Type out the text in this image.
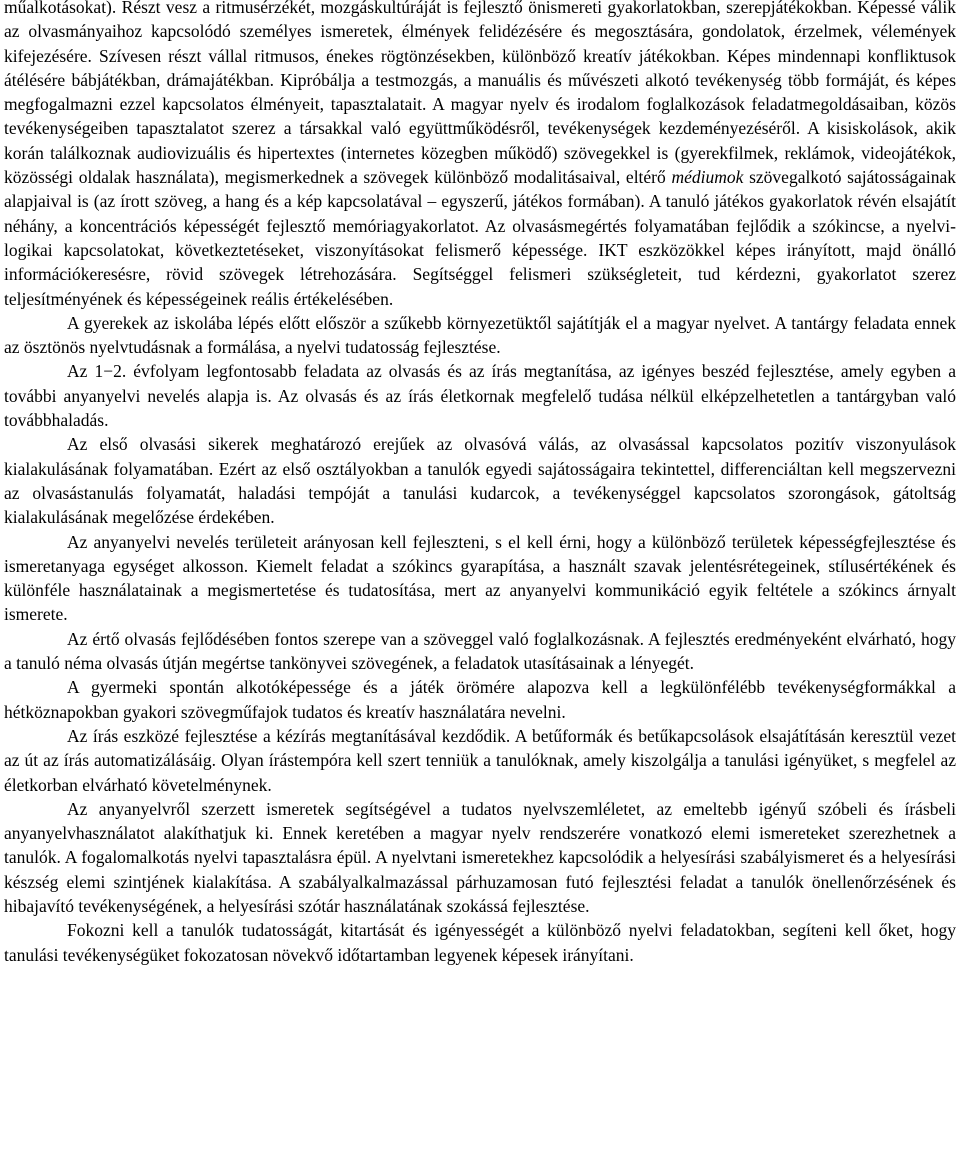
műalkotásokat). Részt vesz a ritmusérzékét, mozgáskultúráját is fejlesztő önismereti gyakorlatokban, szerepjátékokban. Képessé válik az olvasmányaihoz kapcsolódó személyes ismeretek, élmények felidézésére és megosztására, gondolatok, érzelmek, vélemények kifejezésére. Szívesen részt vállal ritmusos, énekes rögtönzésekben, különböző kreatív játékokban. Képes mindennapi konfliktusok átélésére bábjátékban, drámajátékban. Kipróbálja a testmozgás, a manuális és művészeti alkotó tevékenység több formáját, és képes megfogalmazni ezzel kapcsolatos élményeit, tapasztalatait. A magyar nyelv és irodalom foglalkozások feladatmegoldásaiban, közös tevékenységeiben tapasztalatot szerez a társakkal való együttműködésről, tevékenységek kezdeményezéséről. A kisiskolások, akik korán találkoznak audiovizuális és hipertextes (internetes közegben működő) szövegekkel is (gyerekfilmek, reklámok, videojátékok, közösségi oldalak használata), megismerkednek a szövegek különböző modalitásaival, eltérő médiumok szövegalkotó sajátosságainak alapjaival is (az írott szöveg, a hang és a kép kapcsolatával – egyszerű, játékos formában). A tanuló játékos gyakorlatok révén elsajátít néhány, a koncentrációs képességét fejlesztő memóriagyakorlatot. Az olvasásmegértés folyamatában fejlődik a szókincse, a nyelvi-logikai kapcsolatokat, következtetéseket, viszonyításokat felismerő képessége. IKT eszközökkel képes irányított, majd önálló információkeresésre, rövid szövegek létrehozására. Segítséggel felismeri szükségleteit, tud kérdezni, gyakorlatot szerez teljesítményének és képességeinek reális értékelésében.

A gyerekek az iskolába lépés előtt először a szűkebb környezetüktől sajátítják el a magyar nyelvet. A tantárgy feladata ennek az ösztönös nyelvtudásnak a formálása, a nyelvi tudatosság fejlesztése.

Az 1−2. évfolyam legfontosabb feladata az olvasás és az írás megtanítása, az igényes beszéd fejlesztése, amely egyben a további anyanyelvi nevelés alapja is. Az olvasás és az írás életkornak megfelelő tudása nélkül elképzelhetetlen a tantárgyban való továbbhaladás.

Az első olvasási sikerek meghatározó erejűek az olvasóvá válás, az olvasással kapcsolatos pozitív viszonyulások kialakulásának folyamatában. Ezért az első osztályokban a tanulók egyedi sajátosságaira tekintettel, differenciáltan kell megszervezni az olvasástanulás folyamatát, haladási tempóját a tanulási kudarcok, a tevékenységgel kapcsolatos szorongások, gátoltság kialakulásának megelőzése érdekében.

Az anyanyelvi nevelés területeit arányosan kell fejleszteni, s el kell érni, hogy a különböző területek képességfejlesztése és ismeretanyaga egységet alkosson. Kiemelt feladat a szókincs gyarapítása, a használt szavak jelentésrétegeinek, stílusértékének és különféle használatainak a megismertetése és tudatosítása, mert az anyanyelvi kommunikáció egyik feltétele a szókincs árnyalt ismerete.

Az értő olvasás fejlődésében fontos szerepe van a szöveggel való foglalkozásnak. A fejlesztés eredményeként elvárható, hogy a tanuló néma olvasás útján megértse tankönyvei szövegének, a feladatok utasításainak a lényegét.

A gyermeki spontán alkotóképessége és a játék örömére alapozva kell a legkülönfélébb tevékenységformákkal a hétköznapokban gyakori szövegműfajok tudatos és kreatív használatára nevelni.

Az írás eszközé fejlesztése a kézírás megtanításával kezdődik. A betűformák és betűkapcsolások elsajátításán keresztül vezet az út az írás automatizálásáig. Olyan írástempóra kell szert tenniük a tanulóknak, amely kiszolgálja a tanulási igényüket, s megfelel az életkorban elvárható követelménynek.

Az anyanyelvről szerzett ismeretek segítségével a tudatos nyelvszemléletet, az emeltebb igényű szóbeli és írásbeli anyanyelvhasználatot alakíthatjuk ki. Ennek keretében a magyar nyelv rendszerére vonatkozó elemi ismereteket szerezhetnek a tanulók. A fogalomalkotás nyelvi tapasztalásra épül. A nyelvtani ismeretekhez kapcsolódik a helyesírási szabályismeret és a helyesírási készség elemi szintjének kialakítása. A szabályalkalmazással párhuzamosan futó fejlesztési feladat a tanulók önellenőrzésének és hibajavító tevékenységének, a helyesírási szótár használatának szokássá fejlesztése.

Fokozni kell a tanulók tudatosságát, kitartását és igényességét a különböző nyelvi feladatokban, segíteni kell őket, hogy tanulási tevékenységüket fokozatosan növekvő időtartamban legyenek képesek irányítani.
